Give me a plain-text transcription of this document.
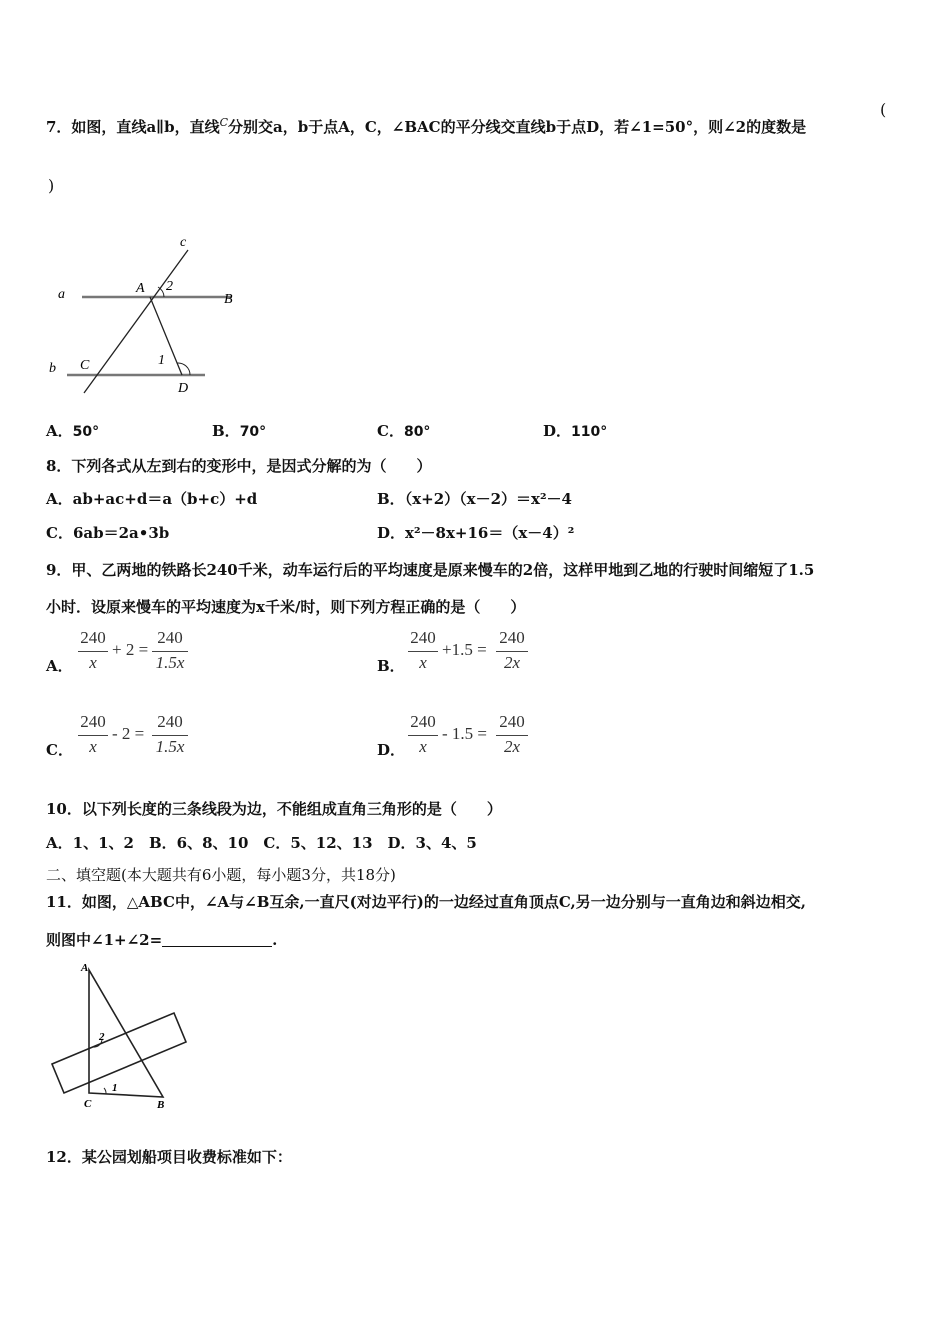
7．如图，直线a∥b，直线$^C$分别交a，b于点A，C，∠BAC的平分线交直线b于点D，若∠1=50°，则∠2的度数是
(
)
c
a	A 2
B
b C	1
D
A．50°	B．70°	C．80°	D．110°
8．下列各式从左到右的变形中，是因式分解的为（　　）
A．ab+ac+d＝a（b+c）+d	B．（x+2）（x－2）＝x²－4
C．6ab＝2a•3b	D．x²－8x+16＝（x－4）²
9．甲、乙两地的铁路长240千米，动车运行后的平均速度是原来慢车的2倍，这样甲地到乙地的行驶时间缩短了1.5
小时．设原来慢车的平均速度为x千米/时，则下列方程正确的是（　　）
A．
240
x
+ 2 =
240
1.5x	B．
240
x
+1.5 =
240
2x
C．
240
x
- 2 =
240
1.5x	D．
240
x
- 1.5 =
240
2x
10．以下列长度的三条线段为边，不能组成直角三角形的是（　　）
A．1、1、2　B．6、8、10　C．5、12、13　D．3、4、5
二、填空题(本大题共有6小题，每小题3分，共18分)
11．如图，△ABC中，∠A与∠B互余,一直尺(对边平行)的一边经过直角顶点C,另一边分别与一直角边和斜边相交,
则图中∠1+∠2=	.
A
2
1
C	B
12．某公园划船项目收费标准如下：
